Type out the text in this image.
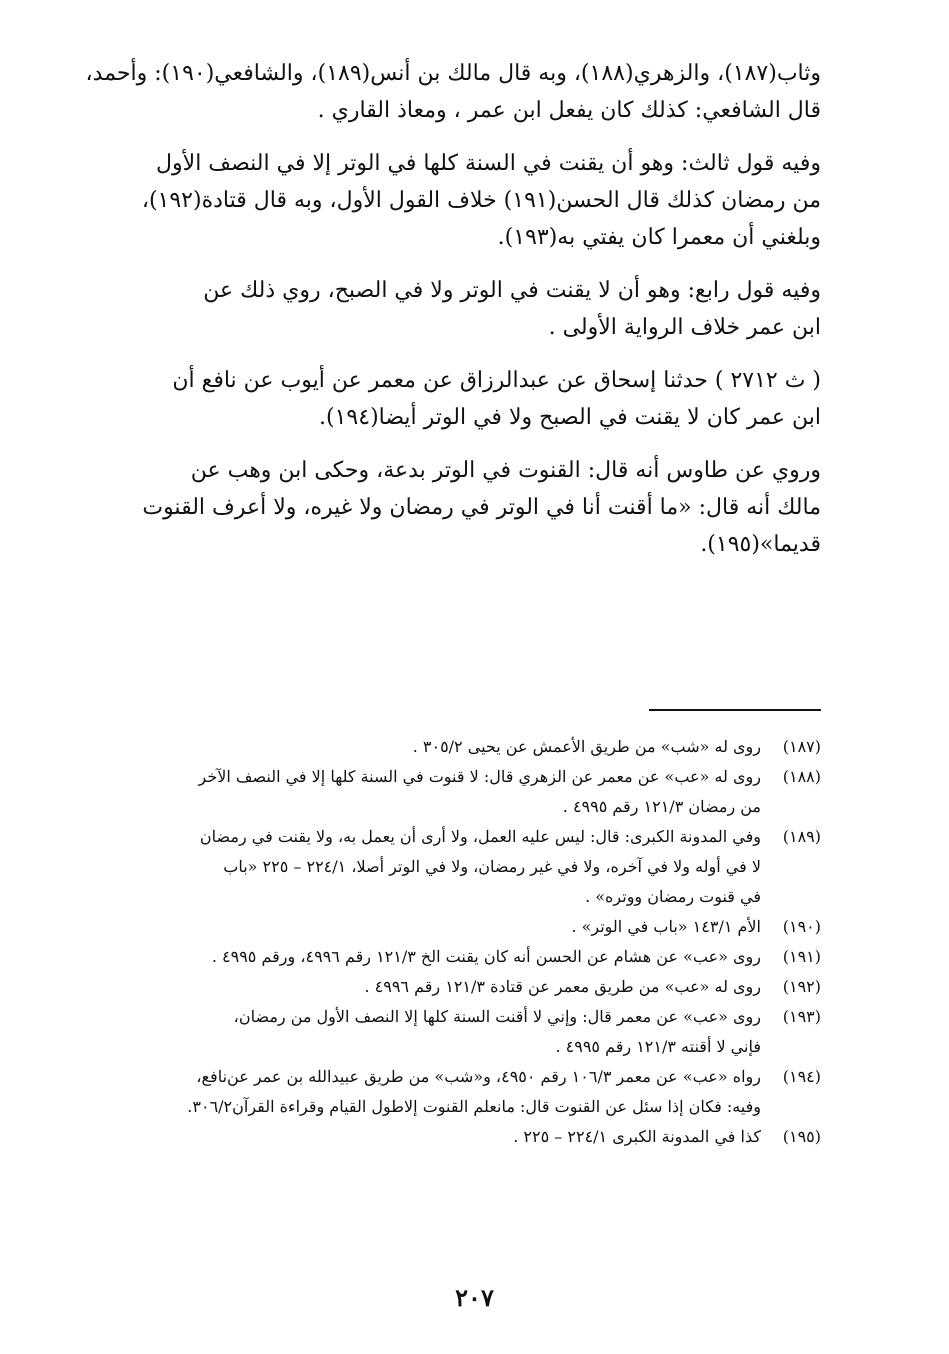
وثاب(١٨٧)، والزهري(١٨٨)، وبه قال مالك بن أنس(١٨٩)، والشافعي(١٩٠): وأحمد،
قال الشافعي: كذلك كان يفعل ابن عمر ، ومعاذ القاري .
وفيه قول ثالث: وهو أن يقنت في السنة كلها في الوتر إلا في النصف الأول
من رمضان كذلك قال الحسن(١٩١) خلاف القول الأول، وبه قال قتادة(١٩٢)،
وبلغني أن معمرا كان يفتي به(١٩٣).
وفيه قول رابع: وهو أن لا يقنت في الوتر ولا في الصبح، روي ذلك عن
ابن عمر خلاف الرواية الأولى .
( ث ٢٧١٢ ) حدثنا إسحاق عن عبدالرزاق عن معمر عن أيوب عن نافع أن
ابن عمر كان لا يقنت في الصبح ولا في الوتر أيضا(١٩٤).
وروي عن طاوس أنه قال: القنوت في الوتر بدعة، وحكى ابن وهب عن
مالك أنه قال: «ما أقنت أنا في الوتر في رمضان ولا غيره، ولا أعرف القنوت
قديما»(١٩٥).
(١٨٧)
روى له «شب» من طريق الأعمش عن يحيى ٣٠٥/٢ .
(١٨٨)
روى له «عب» عن معمر عن الزهري قال: لا قنوت في السنة كلها إلا في النصف الآخر
من رمضان ١٢١/٣ رقم ٤٩٩٥ .
(١٨٩)
وفي المدونة الكبرى: قال: ليس عليه العمل، ولا أرى أن يعمل به، ولا يقنت في رمضان
لا في أوله ولا في آخره، ولا في غير رمضان، ولا في الوتر أصلا، ٢٢٤/١ – ٢٢٥ «باب
في قنوت رمضان ووتره» .
(١٩٠)
الأم ١٤٣/١ «باب في الوتر» .
(١٩١)
روى «عب» عن هشام عن الحسن أنه كان يقنت الخ ١٢١/٣ رقم ٤٩٩٦، ورقم ٤٩٩٥ .
(١٩٢)
روى له «عب» من طريق معمر عن قتادة ١٢١/٣ رقم ٤٩٩٦ .
(١٩٣)
روى «عب» عن معمر قال: وإني لا أقنت السنة كلها إلا النصف الأول من رمضان،
فإني لا أقنته ١٢١/٣ رقم ٤٩٩٥ .
(١٩٤)
رواه «عب» عن معمر ١٠٦/٣ رقم ٤٩٥٠، و«شب» من طريق عبيدالله بن عمر عن‌نافع،
وفيه: فكان إذا سئل عن القنوت قال: مانعلم القنوت إلاطول القيام وقراءة القرآن٣٠٦/٢.
(١٩٥)
كذا في المدونة الكبرى ٢٢٤/١ – ٢٢٥ .
٢٠٧
